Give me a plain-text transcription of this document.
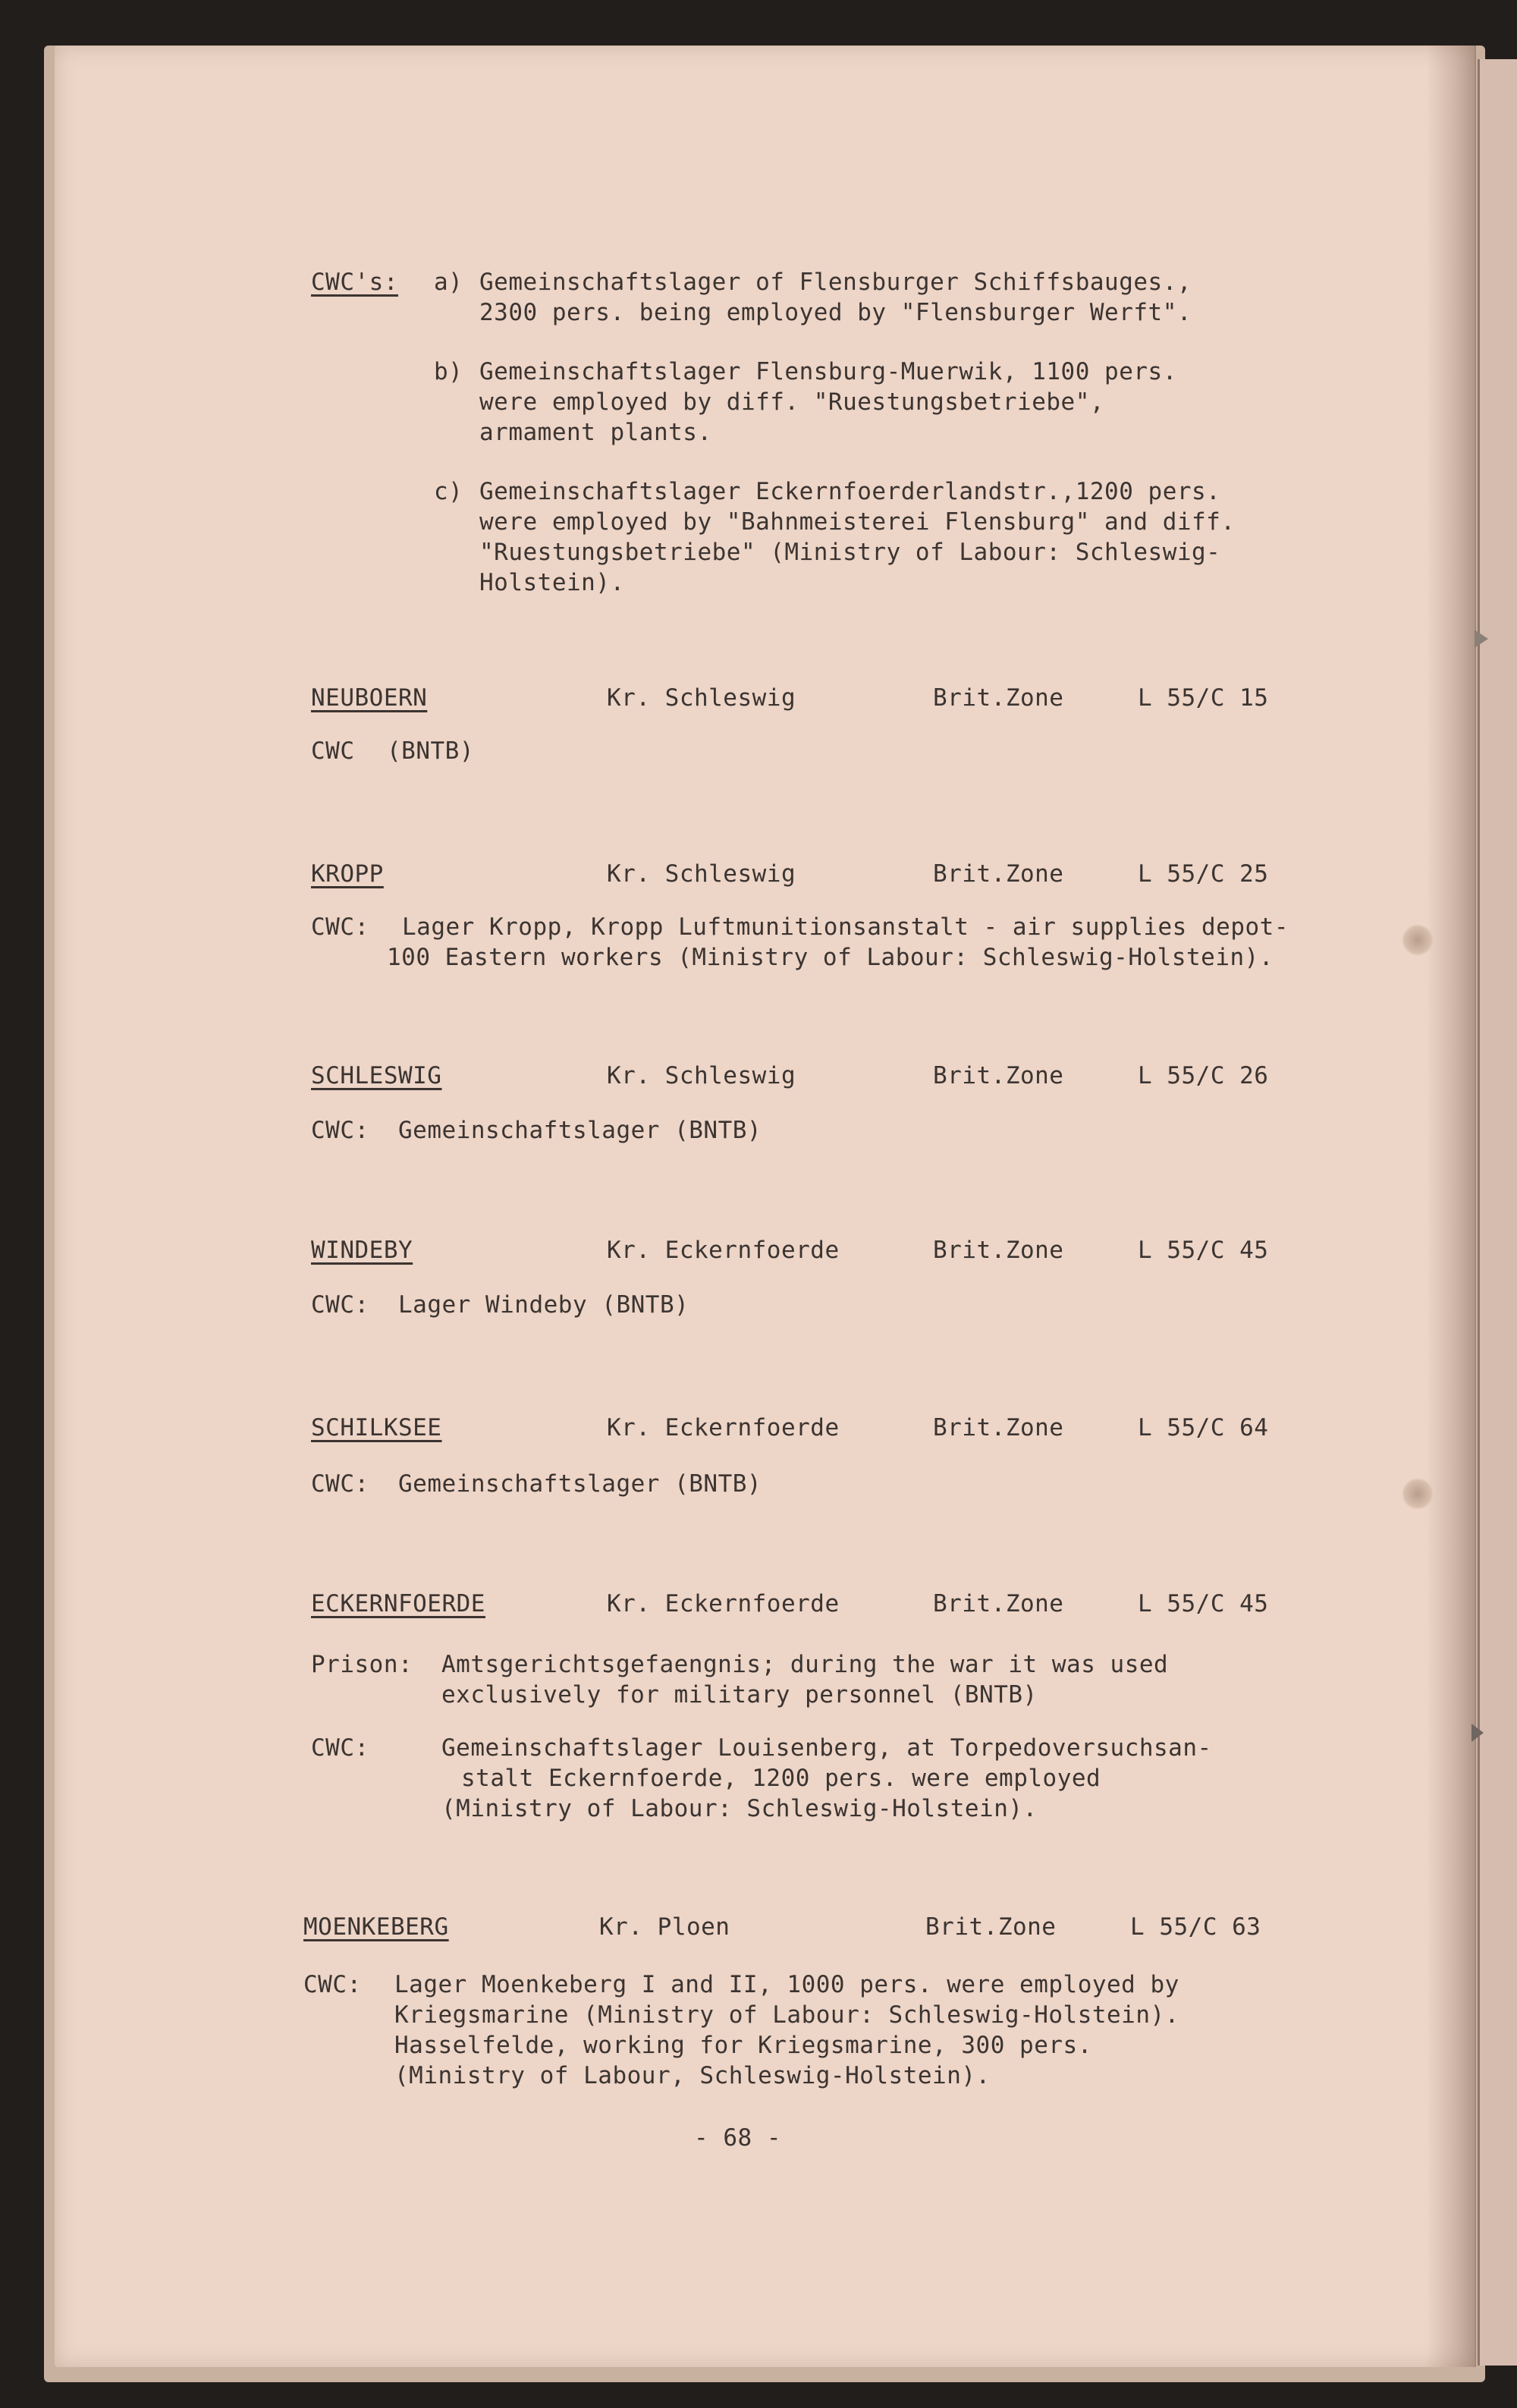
CWC's: a) Gemeinschaftslager of Flensburger Schiffsbauges.,
2300 pers. being employed by "Flensburger Werft".
b) Gemeinschaftslager Flensburg-Muerwik, 1100 pers.
were employed by diff. "Ruestungsbetriebe",
armament plants.
c) Gemeinschaftslager Eckernfoerderlandstr.,1200 pers.
were employed by "Bahnmeisterei Flensburg" and diff.
"Ruestungsbetriebe" (Ministry of Labour: Schleswig-
Holstein).
NEUBOERN	Kr. Schleswig	Brit.Zone	L 55/C 15
CWC (BNTB)
KROPP	Kr. Schleswig	Brit.Zone	L 55/C 25
CWC: Lager Kropp, Kropp Luftmunitionsanstalt - air supplies depot-
100 Eastern workers (Ministry of Labour: Schleswig-Holstein).
SCHLESWIG	Kr. Schleswig	Brit.Zone	L 55/C 26
CWC: Gemeinschaftslager (BNTB)
WINDEBY	Kr. Eckernfoerde	Brit.Zone	L 55/C 45
CWC: Lager Windeby (BNTB)
SCHILKSEE	Kr. Eckernfoerde	Brit.Zone	L 55/C 64
CWC: Gemeinschaftslager (BNTB)
ECKERNFOERDE	Kr. Eckernfoerde	Brit.Zone	L 55/C 45
Prison: Amtsgerichtsgefaengnis; during the war it was used
exclusively for military personnel (BNTB)
CWC:	Gemeinschaftslager Louisenberg, at Torpedoversuchsan-
stalt Eckernfoerde, 1200 pers. were employed
(Ministry of Labour: Schleswig-Holstein).
MOENKEBERG	Kr. Ploen	Brit.Zone	L 55/C 63
CWC: Lager Moenkeberg I and II, 1000 pers. were employed by
Kriegsmarine (Ministry of Labour: Schleswig-Holstein).
Hasselfelde, working for Kriegsmarine, 300 pers.
(Ministry of Labour, Schleswig-Holstein).
- 68 -
